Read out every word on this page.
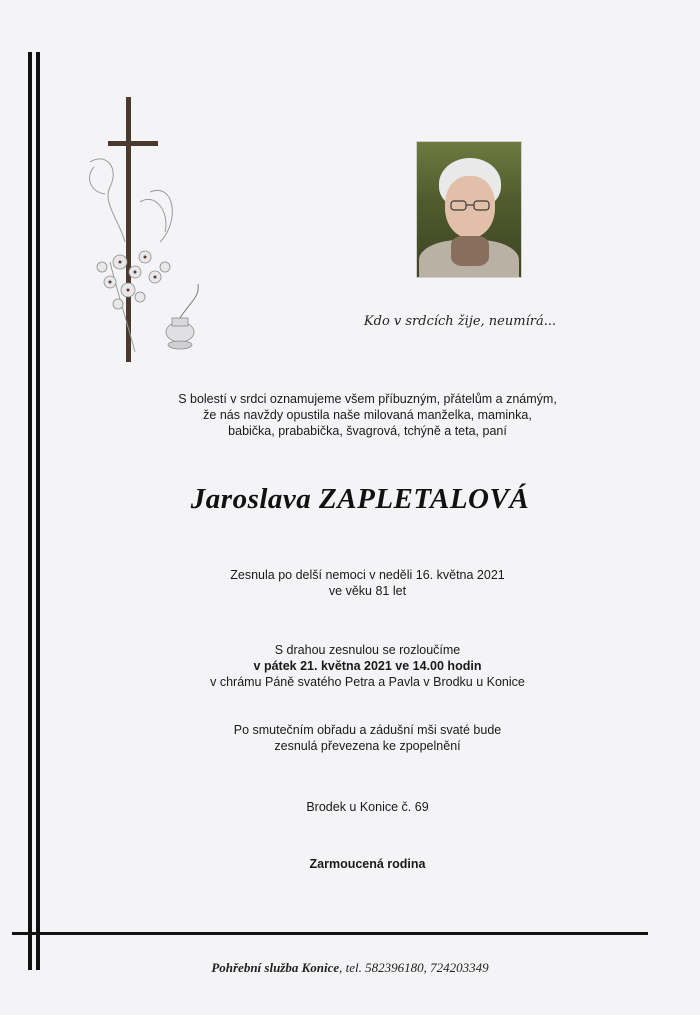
Kdo v srdcích žije, neumírá...
S bolestí v srdci oznamujeme všem příbuzným, přátelům a známým,
že nás navždy opustila naše milovaná manželka, maminka,
babička, prababička, švagrová, tchýně a teta, paní
Jaroslava ZAPLETALOVÁ
Zesnula po delší nemoci v neděli 16. května 2021
ve věku 81 let
S drahou zesnulou se rozloučíme
v pátek 21. května 2021 ve 14.00 hodin
v chrámu Páně svatého Petra a Pavla v Brodku u Konice
Po smutečním obřadu a zádušní mši svaté bude
zesnulá převezena ke zpopelnění
Brodek u Konice č. 69
Zarmoucená rodina
Pohřební služba Konice, tel. 582396180, 724203349
